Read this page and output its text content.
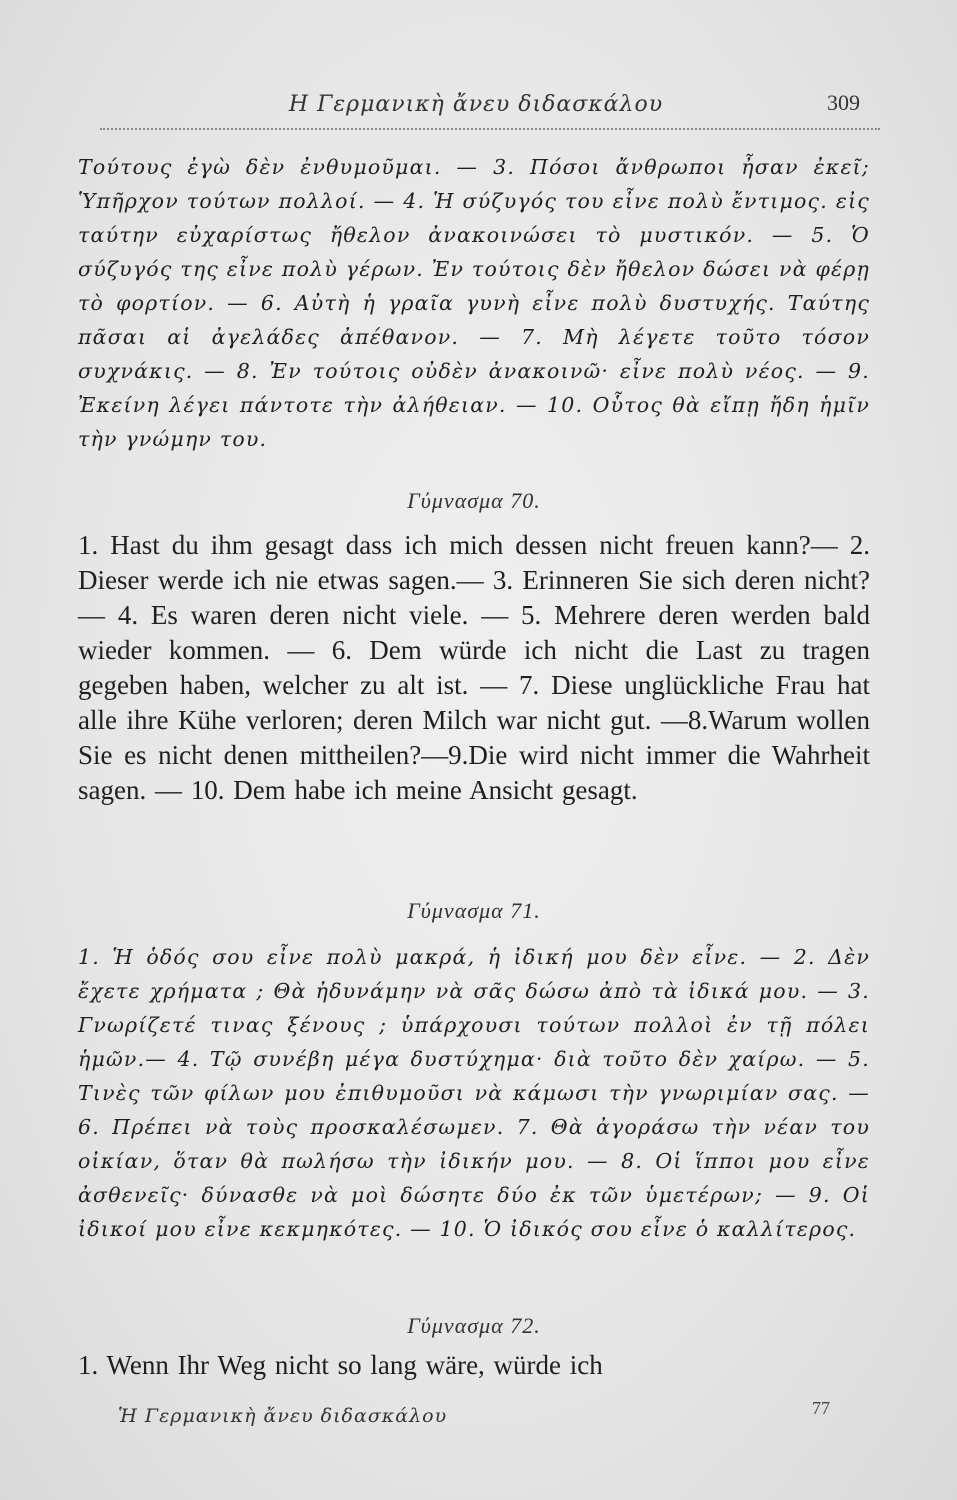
Η Γερμανικὴ ἄνευ διδασκάλου	309

Τούτους ἐγὼ δὲν ἐνθυμοῦμαι. — 3. Πόσοι ἄνθρωποι ἦσαν ἐκεῖ; Ὑπῆρχον τούτων πολλοί. — 4. Ἡ σύζυγός του εἶνε πολὺ ἔντιμος. εἰς ταύτην εὐχαρίστως ἤθελον ἀνακοινώσει τὸ μυστικόν. — 5. Ὁ σύζυγός της εἶνε πολὺ γέρων. Ἐν τούτοις δὲν ἤθελον δώσει νὰ φέρῃ τὸ φορτίον. — 6. Αὐτὴ ἡ γραῖα γυνὴ εἶνε πολὺ δυστυχής. Ταύτης πᾶσαι αἱ ἀγελάδες ἀπέθανον. — 7. Μὴ λέγετε τοῦτο τόσον συχνάκις. — 8. Ἐν τούτοις οὐδὲν ἀνακοινῶ· εἶνε πολὺ νέος. — 9. Ἐκείνη λέγει πάντοτε τὴν ἀλήθειαν. — 10. Οὗτος θὰ εἴπῃ ἤδη ἡμῖν τὴν γνώμην του.

Γύμνασμα 70.

1. Hast du ihm gesagt dass ich mich dessen nicht freuen kann?— 2. Dieser werde ich nie etwas sagen.— 3. Erinneren Sie sich deren nicht? — 4. Es waren deren nicht viele. — 5. Mehrere deren werden bald wieder kommen. — 6. Dem würde ich nicht die Last zu tragen gegeben haben, welcher zu alt ist. — 7. Diese unglückliche Frau hat alle ihre Kühe verloren; deren Milch war nicht gut. —8.Warum wollen Sie es nicht denen mittheilen?—9.Die wird nicht immer die Wahrheit sagen. — 10. Dem habe ich meine Ansicht gesagt.

Γύμνασμα 71.

1. Ἡ ὁδός σου εἶνε πολὺ μακρά, ἡ ἰδική μου δὲν εἶνε. — 2. Δὲν ἔχετε χρήματα ; Θὰ ἠδυνάμην νὰ σᾶς δώσω ἀπὸ τὰ ἰδικά μου. — 3. Γνωρίζετέ τινας ξένους ; ὑπάρχουσι τούτων πολλοὶ ἐν τῇ πόλει ἡμῶν.— 4. Τῷ συνέβη μέγα δυστύχημα· διὰ τοῦτο δὲν χαίρω. — 5. Τινὲς τῶν φίλων μου ἐπιθυμοῦσι νὰ κάμωσι τὴν γνωριμίαν σας. — 6. Πρέπει νὰ τοὺς προσκαλέσωμεν. 7. Θὰ ἀγοράσω τὴν νέαν του οἰκίαν, ὅταν θὰ πωλήσω τὴν ἰδικήν μου. — 8. Οἱ ἵπποι μου εἶνε ἀσθενεῖς· δύνασθε νὰ μοὶ δώσητε δύο ἐκ τῶν ὑμετέρων; — 9. Οἱ ἰδικοί μου εἶνε κεκμηκότες. — 10. Ὁ ἰδικός σου εἶνε ὁ καλλίτερος.

Γύμνασμα 72.

1. Wenn Ihr Weg nicht so lang wäre, würde ich

Ἡ Γερμανικὴ ἄνευ διδασκάλου	77
